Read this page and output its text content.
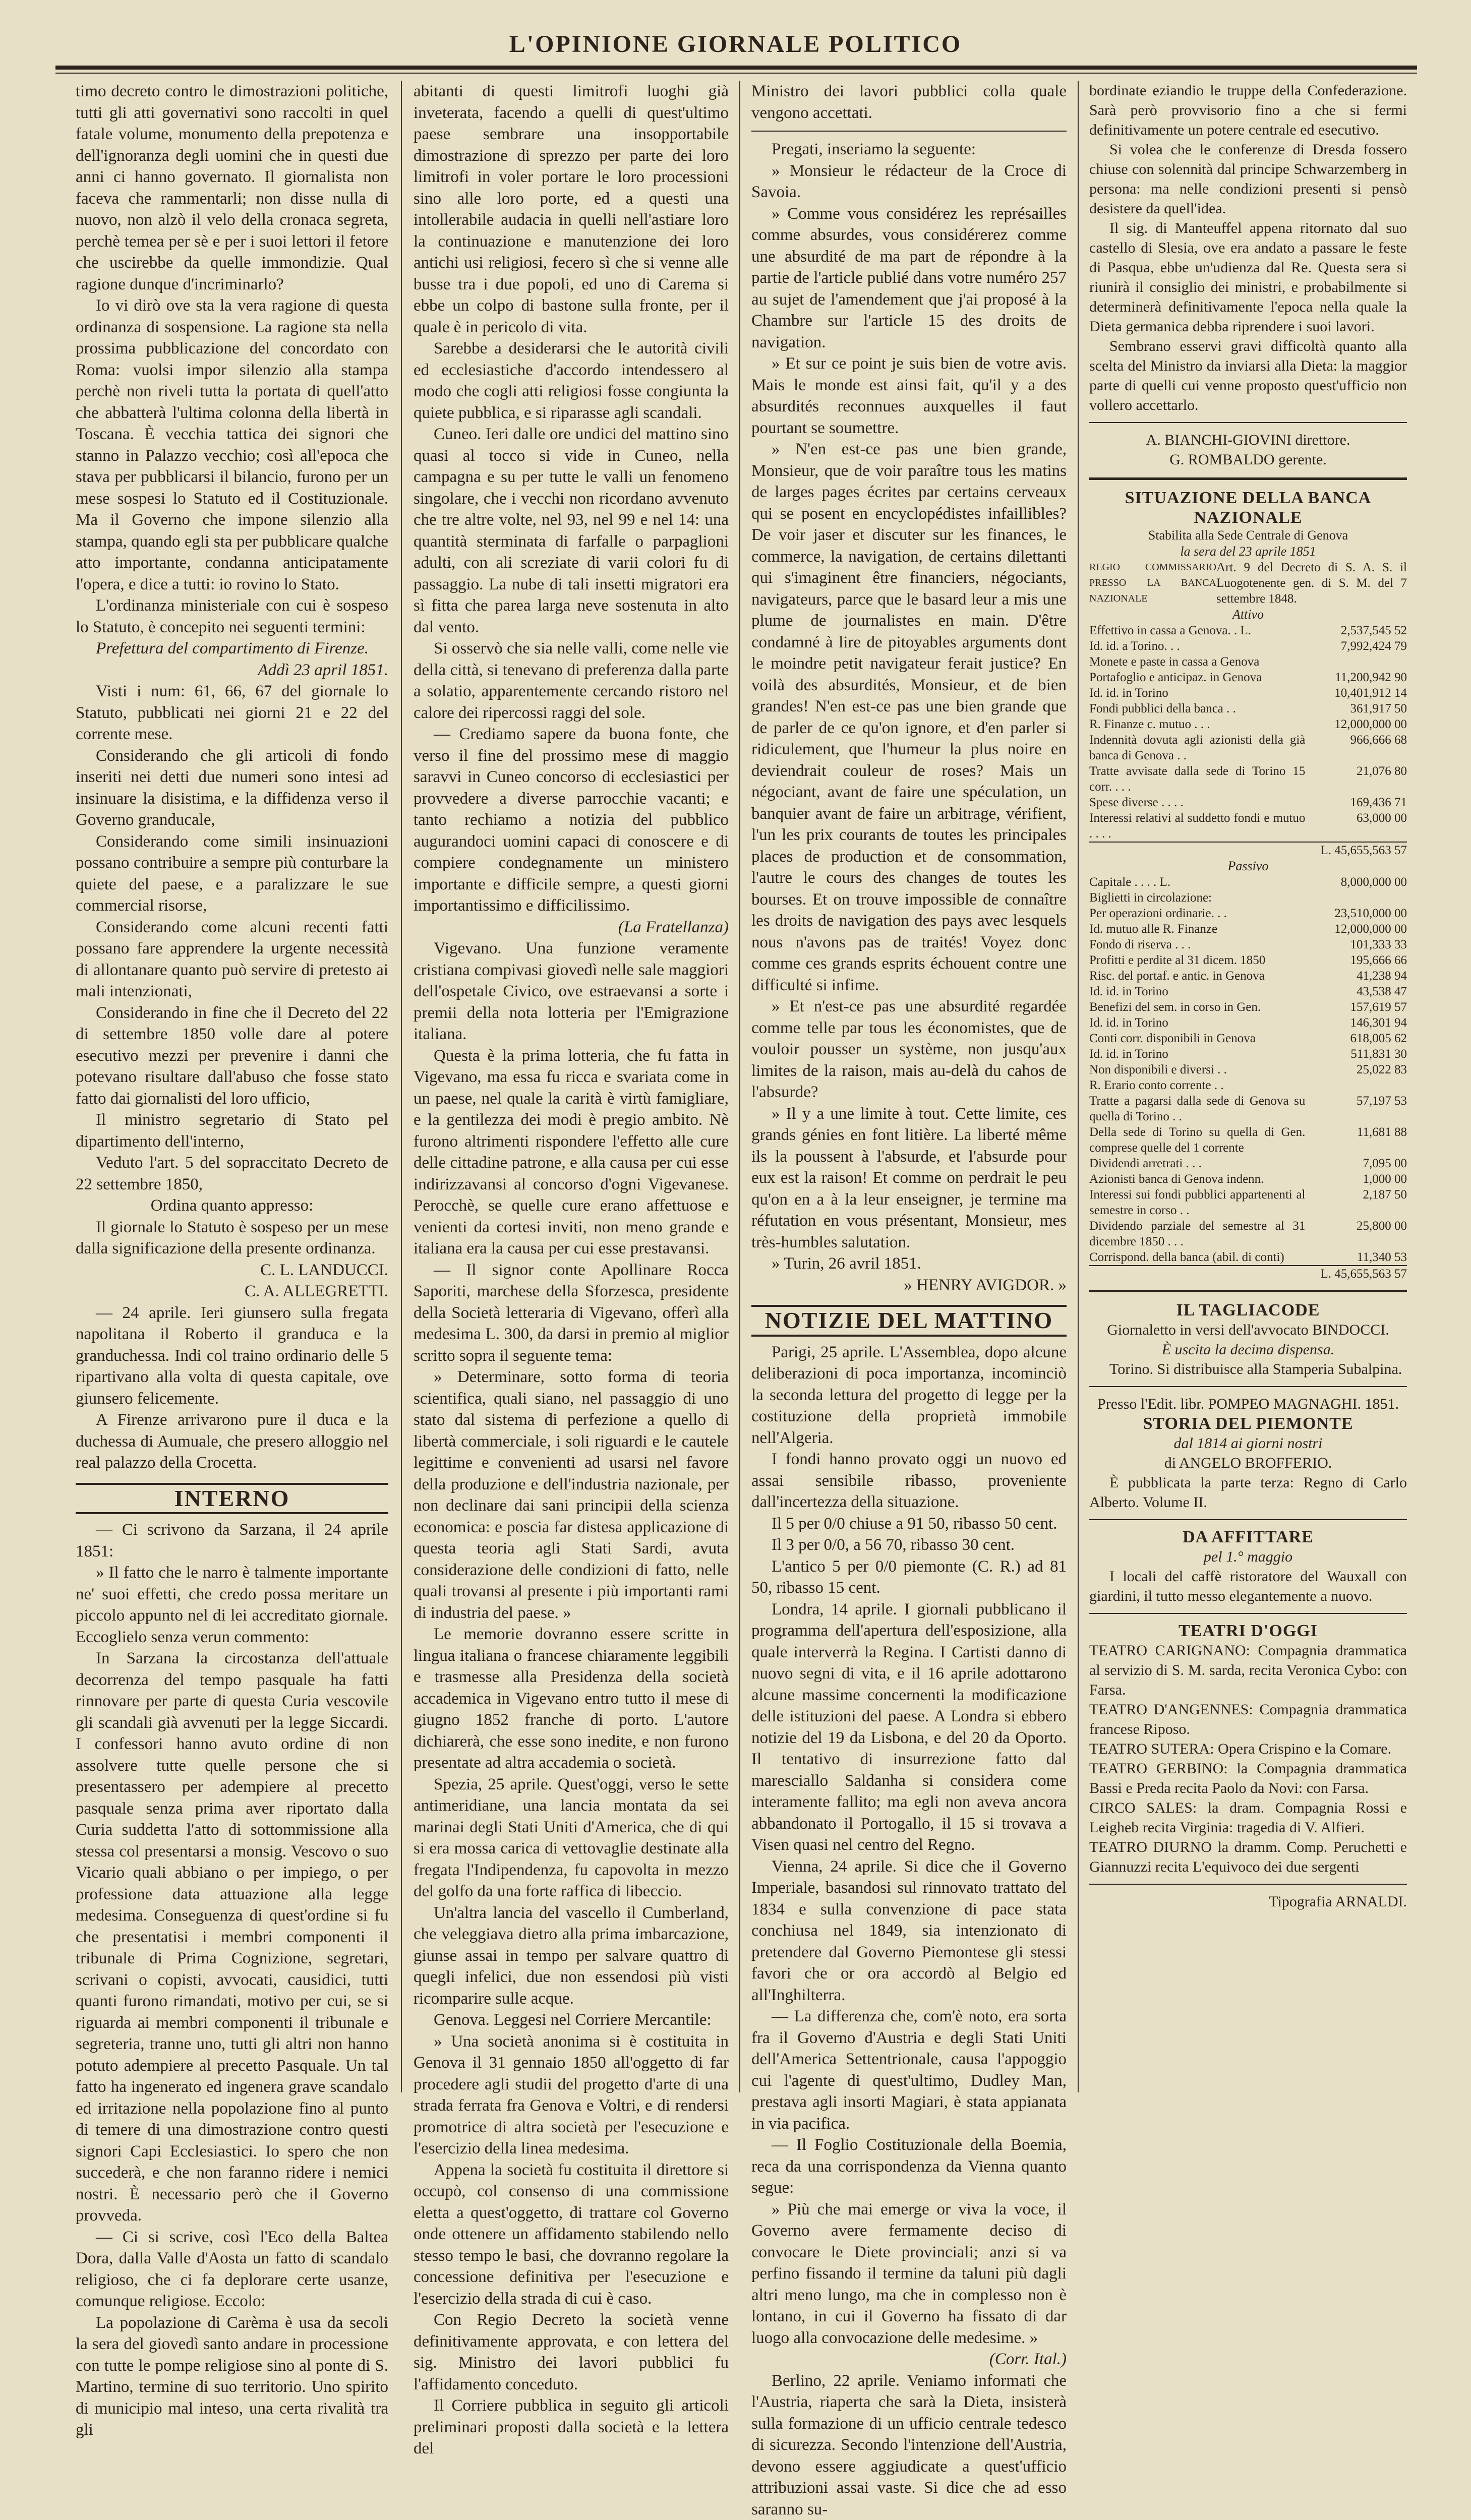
L'OPINIONE GIORNALE POLITICO

timo decreto contro le dimostrazioni politiche, tutti gli atti governativi sono raccolti in quel fatale volume, monumento della prepotenza e dell'ignoranza degli uomini che in questi due anni ci hanno governato. Il giornalista non faceva che rammentarli; non disse nulla di nuovo, non alzò il velo della cronaca segreta, perchè temea per sè e per i suoi lettori il fetore che uscirebbe da quelle immondizie. Qual ragione dunque d'incriminarlo?

Io vi dirò ove sta la vera ragione di questa ordinanza di sospensione. La ragione sta nella prossima pubblicazione del concordato con Roma: vuolsi impor silenzio alla stampa perchè non riveli tutta la portata di quell'atto che abbatterà l'ultima colonna della libertà in Toscana. È vecchia tattica dei signori che stanno in Palazzo vecchio; così all'epoca che stava per pubblicarsi il bilancio, furono per un mese sospesi lo Statuto ed il Costituzionale. Ma il Governo che impone silenzio alla stampa, quando egli sta per pubblicare qualche atto importante, condanna anticipatamente l'opera, e dice a tutti: io rovino lo Stato.

L'ordinanza ministeriale con cui è sospeso lo Statuto, è concepito nei seguenti termini:

Prefettura del compartimento di Firenze.

Addì 23 april 1851.

Visti i num: 61, 66, 67 del giornale lo Statuto, pubblicati nei giorni 21 e 22 del corrente mese.

Considerando che gli articoli di fondo inseriti nei detti due numeri sono intesi ad insinuare la disistima, e la diffidenza verso il Governo granducale,

Considerando come simili insinuazioni possano contribuire a sempre più conturbare la quiete del paese, e a paralizzare le sue commercial risorse,

Considerando come alcuni recenti fatti possano fare apprendere la urgente necessità di allontanare quanto può servire di pretesto ai mali intenzionati,

Considerando in fine che il Decreto del 22 di settembre 1850 volle dare al potere esecutivo mezzi per prevenire i danni che potevano risultare dall'abuso che fosse stato fatto dai giornalisti del loro ufficio,

Il ministro segretario di Stato pel dipartimento dell'interno,

Veduto l'art. 5 del sopraccitato Decreto de 22 settembre 1850,

Ordina quanto appresso:

Il giornale lo Statuto è sospeso per un mese dalla significazione della presente ordinanza.

C. L. LANDUCCI.

C. A. ALLEGRETTI.

— 24 aprile. Ieri giunsero sulla fregata napolitana il Roberto il granduca e la granduchessa. Indi col traino ordinario delle 5 ripartivano alla volta di questa capitale, ove giunsero felicemente.

A Firenze arrivarono pure il duca e la duchessa di Aumuale, che presero alloggio nel real palazzo della Crocetta.

INTERNO

— Ci scrivono da Sarzana, il 24 aprile 1851:

» Il fatto che le narro è talmente importante ne' suoi effetti, che credo possa meritare un piccolo appunto nel di lei accreditato giornale. Eccoglielo senza verun commento:

In Sarzana la circostanza dell'attuale decorrenza del tempo pasquale ha fatti rinnovare per parte di questa Curia vescovile gli scandali già avvenuti per la legge Siccardi. I confessori hanno avuto ordine di non assolvere tutte quelle persone che si presentassero per adempiere al precetto pasquale senza prima aver riportato dalla Curia suddetta l'atto di sottommissione alla stessa col presentarsi a monsig. Vescovo o suo Vicario quali abbiano o per impiego, o per professione data attuazione alla legge medesima. Conseguenza di quest'ordine si fu che presentatisi i membri componenti il tribunale di Prima Cognizione, segretari, scrivani o copisti, avvocati, causidici, tutti quanti furono rimandati, motivo per cui, se si riguarda ai membri componenti il tribunale e segreteria, tranne uno, tutti gli altri non hanno potuto adempiere al precetto Pasquale. Un tal fatto ha ingenerato ed ingenera grave scandalo ed irritazione nella popolazione fino al punto di temere di una dimostrazione contro questi signori Capi Ecclesiastici. Io spero che non succederà, e che non faranno ridere i nemici nostri. È necessario però che il Governo provveda.

— Ci si scrive, così l'Eco della Baltea Dora, dalla Valle d'Aosta un fatto di scandalo religioso, che ci fa deplorare certe usanze, comunque religiose. Eccolo:

La popolazione di Carèma è usa da secoli la sera del giovedì santo andare in processione con tutte le pompe religiose sino al ponte di S. Martino, termine di suo territorio. Uno spirito di municipio mal inteso, una certa rivalità tra gli

abitanti di questi limitrofi luoghi già inveterata, facendo a quelli di quest'ultimo paese sembrare una insopportabile dimostrazione di sprezzo per parte dei loro limitrofi in voler portare le loro processioni sino alle loro porte, ed a questi una intollerabile audacia in quelli nell'astiare loro la continuazione e manutenzione dei loro antichi usi religiosi, fecero sì che si venne alle busse tra i due popoli, ed uno di Carema si ebbe un colpo di bastone sulla fronte, per il quale è in pericolo di vita.

Sarebbe a desiderarsi che le autorità civili ed ecclesiastiche d'accordo intendessero al modo che cogli atti religiosi fosse congiunta la quiete pubblica, e si riparasse agli scandali.

Cuneo. Ieri dalle ore undici del mattino sino quasi al tocco si vide in Cuneo, nella campagna e su per tutte le valli un fenomeno singolare, che i vecchi non ricordano avvenuto che tre altre volte, nel 93, nel 99 e nel 14: una quantità sterminata di farfalle o parpaglioni adulti, con ali screziate di varii colori fu di passaggio. La nube di tali insetti migratori era sì fitta che parea larga neve sostenuta in alto dal vento.

Si osservò che sia nelle valli, come nelle vie della città, si tenevano di preferenza dalla parte a solatio, apparentemente cercando ristoro nel calore dei ripercossi raggi del sole.

— Crediamo sapere da buona fonte, che verso il fine del prossimo mese di maggio saravvi in Cuneo concorso di ecclesiastici per provvedere a diverse parrocchie vacanti; e tanto rechiamo a notizia del pubblico augurandoci uomini capaci di conoscere e di compiere condegnamente un ministero importante e difficile sempre, a questi giorni importantissimo e difficilissimo.

(La Fratellanza)

Vigevano. Una funzione veramente cristiana compivasi giovedì nelle sale maggiori dell'ospetale Civico, ove estraevansi a sorte i premii della nota lotteria per l'Emigrazione italiana.

Questa è la prima lotteria, che fu fatta in Vigevano, ma essa fu ricca e svariata come in un paese, nel quale la carità è virtù famigliare, e la gentilezza dei modi è pregio ambito. Nè furono altrimenti rispondere l'effetto alle cure delle cittadine patrone, e alla causa per cui esse indirizzavansi al concorso d'ogni Vigevanese. Perocchè, se quelle cure erano affettuose e venienti da cortesi inviti, non meno grande e italiana era la causa per cui esse prestavansi.

— Il signor conte Apollinare Rocca Saporiti, marchese della Sforzesca, presidente della Società letteraria di Vigevano, offerì alla medesima L. 300, da darsi in premio al miglior scritto sopra il seguente tema:

» Determinare, sotto forma di teoria scientifica, quali siano, nel passaggio di uno stato dal sistema di perfezione a quello di libertà commerciale, i soli riguardi e le cautele legittime e convenienti ad usarsi nel favore della produzione e dell'industria nazionale, per non declinare dai sani principii della scienza economica: e poscia far distesa applicazione di questa teoria agli Stati Sardi, avuta considerazione delle condizioni di fatto, nelle quali trovansi al presente i più importanti rami di industria del paese. »

Le memorie dovranno essere scritte in lingua italiana o francese chiaramente leggibili e trasmesse alla Presidenza della società accademica in Vigevano entro tutto il mese di giugno 1852 franche di porto. L'autore dichiarerà, che esse sono inedite, e non furono presentate ad altra accademia o società.

Spezia, 25 aprile. Quest'oggi, verso le sette antimeridiane, una lancia montata da sei marinai degli Stati Uniti d'America, che di qui si era mossa carica di vettovaglie destinate alla fregata l'Indipendenza, fu capovolta in mezzo del golfo da una forte raffica di libeccio.

Un'altra lancia del vascello il Cumberland, che veleggiava dietro alla prima imbarcazione, giunse assai in tempo per salvare quattro di quegli infelici, due non essendosi più visti ricomparire sulle acque.

Genova. Leggesi nel Corriere Mercantile:

» Una società anonima si è costituita in Genova il 31 gennaio 1850 all'oggetto di far procedere agli studii del progetto d'arte di una strada ferrata fra Genova e Voltri, e di rendersi promotrice di altra società per l'esecuzione e l'esercizio della linea medesima.

Appena la società fu costituita il direttore si occupò, col consenso di una commissione eletta a quest'oggetto, di trattare col Governo onde ottenere un affidamento stabilendo nello stesso tempo le basi, che dovranno regolare la concessione definitiva per l'esecuzione e l'esercizio della strada di cui è caso.

Con Regio Decreto la società venne definitivamente approvata, e con lettera del sig. Ministro dei lavori pubblici fu l'affidamento conceduto.

Il Corriere pubblica in seguito gli articoli preliminari proposti dalla società e la lettera del

Ministro dei lavori pubblici colla quale vengono accettati.

Pregati, inseriamo la seguente:

» Monsieur le rédacteur de la Croce di Savoia.

» Comme vous considérez les représailles comme absurdes, vous considérerez comme une absurdité de ma part de répondre à la partie de l'article publié dans votre numéro 257 au sujet de l'amendement que j'ai proposé à la Chambre sur l'article 15 des droits de navigation.

» Et sur ce point je suis bien de votre avis. Mais le monde est ainsi fait, qu'il y a des absurdités reconnues auxquelles il faut pourtant se soumettre.

» N'en est-ce pas une bien grande, Monsieur, que de voir paraître tous les matins de larges pages écrites par certains cerveaux qui se posent en encyclopédistes infaillibles? De voir jaser et discuter sur les finances, le commerce, la navigation, de certains dilettanti qui s'imaginent être financiers, négociants, navigateurs, parce que le basard leur a mis une plume de journalistes en main. D'être condamné à lire de pitoyables arguments dont le moindre petit navigateur ferait justice? En voilà des absurdités, Monsieur, et de bien grandes! N'en est-ce pas une bien grande que de parler de ce qu'on ignore, et d'en parler si ridiculement, que l'humeur la plus noire en deviendrait couleur de roses? Mais un négociant, avant de faire une spéculation, un banquier avant de faire un arbitrage, vérifient, l'un les prix courants de toutes les principales places de production et de consommation, l'autre le cours des changes de toutes les bourses. Et on trouve impossible de connaître les droits de navigation des pays avec lesquels nous n'avons pas de traités! Voyez donc comme ces grands esprits échouent contre une difficulté si infime.

» Et n'est-ce pas une absurdité regardée comme telle par tous les économistes, que de vouloir pousser un système, non jusqu'aux limites de la raison, mais au-delà du cahos de l'absurde?

» Il y a une limite à tout. Cette limite, ces grands génies en font litière. La liberté même ils la poussent à l'absurde, et l'absurde pour eux est la raison! Et comme on perdrait le peu qu'on en a à la leur enseigner, je termine ma réfutation en vous présentant, Monsieur, mes très-humbles salutation.

» Turin, 26 avril 1851.

» HENRY AVIGDOR. »

NOTIZIE DEL MATTINO

Parigi, 25 aprile. L'Assemblea, dopo alcune deliberazioni di poca importanza, incominciò la seconda lettura del progetto di legge per la costituzione della proprietà immobile nell'Algeria.

I fondi hanno provato oggi un nuovo ed assai sensibile ribasso, proveniente dall'incertezza della situazione.

Il 5 per 0/0 chiuse a 91 50, ribasso 50 cent.

Il 3 per 0/0, a 56 70, ribasso 30 cent.

L'antico 5 per 0/0 piemonte (C. R.) ad 81 50, ribasso 15 cent.

Londra, 14 aprile. I giornali pubblicano il programma dell'apertura dell'esposizione, alla quale interverrà la Regina. I Cartisti danno di nuovo segni di vita, e il 16 aprile adottarono alcune massime concernenti la modificazione delle istituzioni del paese. A Londra si ebbero notizie del 19 da Lisbona, e del 20 da Oporto. Il tentativo di insurrezione fatto dal maresciallo Saldanha si considera come interamente fallito; ma egli non aveva ancora abbandonato il Portogallo, il 15 si trovava a Visen quasi nel centro del Regno.

Vienna, 24 aprile. Si dice che il Governo Imperiale, basandosi sul rinnovato trattato del 1834 e sulla convenzione di pace stata conchiusa nel 1849, sia intenzionato di pretendere dal Governo Piemontese gli stessi favori che or ora accordò al Belgio ed all'Inghilterra.

— La differenza che, com'è noto, era sorta fra il Governo d'Austria e degli Stati Uniti dell'America Settentrionale, causa l'appoggio cui l'agente di quest'ultimo, Dudley Man, prestava agli insorti Magiari, è stata appianata in via pacifica.

— Il Foglio Costituzionale della Boemia, reca da una corrispondenza da Vienna quanto segue:

» Più che mai emerge or viva la voce, il Governo avere fermamente deciso di convocare le Diete provinciali; anzi si va perfino fissando il termine da taluni più dagli altri meno lungo, ma che in complesso non è lontano, in cui il Governo ha fissato di dar luogo alla convocazione delle medesime. »

(Corr. Ital.)

Berlino, 22 aprile. Veniamo informati che l'Austria, riaperta che sarà la Dieta, insisterà sulla formazione di un ufficio centrale tedesco di sicurezza. Secondo l'intenzione dell'Austria, devono essere aggiudicate a quest'ufficio attribuzioni assai vaste. Si dice che ad esso saranno su-

bordinate eziandio le truppe della Confederazione. Sarà però provvisorio fino a che si fermi definitivamente un potere centrale ed esecutivo.

Si volea che le conferenze di Dresda fossero chiuse con solennità dal principe Schwarzemberg in persona: ma nelle condizioni presenti si pensò desistere da quell'idea.

Il sig. di Manteuffel appena ritornato dal suo castello di Slesia, ove era andato a passare le feste di Pasqua, ebbe un'udienza dal Re. Questa sera si riunirà il consiglio dei ministri, e probabilmente si determinerà definitivamente l'epoca nella quale la Dieta germanica debba riprendere i suoi lavori.

Sembrano esservi gravi difficoltà quanto alla scelta del Ministro da inviarsi alla Dieta: la maggior parte di quelli cui venne proposto quest'ufficio non vollero accettarlo.

A. BIANCHI-GIOVINI direttore.

G. ROMBALDO gerente.

SITUAZIONE DELLA BANCA NAZIONALE

Stabilita alla Sede Centrale di Genova

la sera del 23 aprile 1851

REGIO COMMISSARIO PRESSO LA BANCA NAZIONALE	Art. 9 del Decreto di S. A. S. il Luogotenente gen. di S. M. del 7 settembre 1848.

Attivo

Effettivo in cassa a Genova. . L.	2,537,545 52
Id. id. a Torino. . .	7,992,424 79
Monete e paste in cassa a Genova	
Portafoglio e anticipaz. in Genova	11,200,942 90
Id. id. in Torino	10,401,912 14
Fondi pubblici della banca . .	361,917 50
R. Finanze c. mutuo . . .	12,000,000 00
Indennità dovuta agli azionisti della già banca di Genova . .	966,666 68
Tratte avvisate dalla sede di Torino 15 corr. . . .	21,076 80
Spese diverse . . . .	169,436 71
Interessi relativi al suddetto fondi e mutuo . . . .	63,000 00
	L. 45,655,563 57

Passivo

Capitale . . . . L.	8,000,000 00
Biglietti in circolazione:	
Per operazioni ordinarie. . .	23,510,000 00
Id. mutuo alle R. Finanze	12,000,000 00
Fondo di riserva . . .	101,333 33
Profitti e perdite al 31 dicem. 1850	195,666 66
Risc. del portaf. e antic. in Genova	41,238 94
Id. id. in Torino	43,538 47
Benefizi del sem. in corso in Gen.	157,619 57
Id. id. in Torino	146,301 94
Conti corr. disponibili in Genova	618,005 62
Id. id. in Torino	511,831 30
Non disponibili e diversi . .	25,022 83
R. Erario conto corrente . .	
Tratte a pagarsi dalla sede di Genova su quella di Torino . .	57,197 53
Della sede di Torino su quella di Gen. comprese quelle del 1 corrente	11,681 88
Dividendi arretrati . . .	7,095 00
Azionisti banca di Genova indenn.	1,000 00
Interessi sui fondi pubblici appartenenti al semestre in corso . .	2,187 50
Dividendo parziale del semestre al 31 dicembre 1850 . . .	25,800 00
Corrispond. della banca (abil. di conti)	11,340 53
	L. 45,655,563 57

IL TAGLIACODE

Giornaletto in versi dell'avvocato BINDOCCI.

È uscita la decima dispensa.

Torino. Si distribuisce alla Stamperia Subalpina.

Presso l'Edit. libr. POMPEO MAGNAGHI. 1851.

STORIA DEL PIEMONTE

dal 1814 ai giorni nostri

di ANGELO BROFFERIO.

È pubblicata la parte terza: Regno di Carlo Alberto. Volume II.

DA AFFITTARE

pel 1.° maggio

I locali del caffè ristoratore del Wauxall con giardini, il tutto messo elegantemente a nuovo.

TEATRI D'OGGI

TEATRO CARIGNANO: Compagnia drammatica al servizio di S. M. sarda, recita Veronica Cybo: con Farsa.

TEATRO D'ANGENNES: Compagnia drammatica francese Riposo.

TEATRO SUTERA: Opera Crispino e la Comare.

TEATRO GERBINO: la Compagnia drammatica Bassi e Preda recita Paolo da Novi: con Farsa.

CIRCO SALES: la dram. Compagnia Rossi e Leigheb recita Virginia: tragedia di V. Alfieri.

TEATRO DIURNO la dramm. Comp. Peruchetti e Giannuzzi recita L'equivoco dei due sergenti

Tipografia ARNALDI.
